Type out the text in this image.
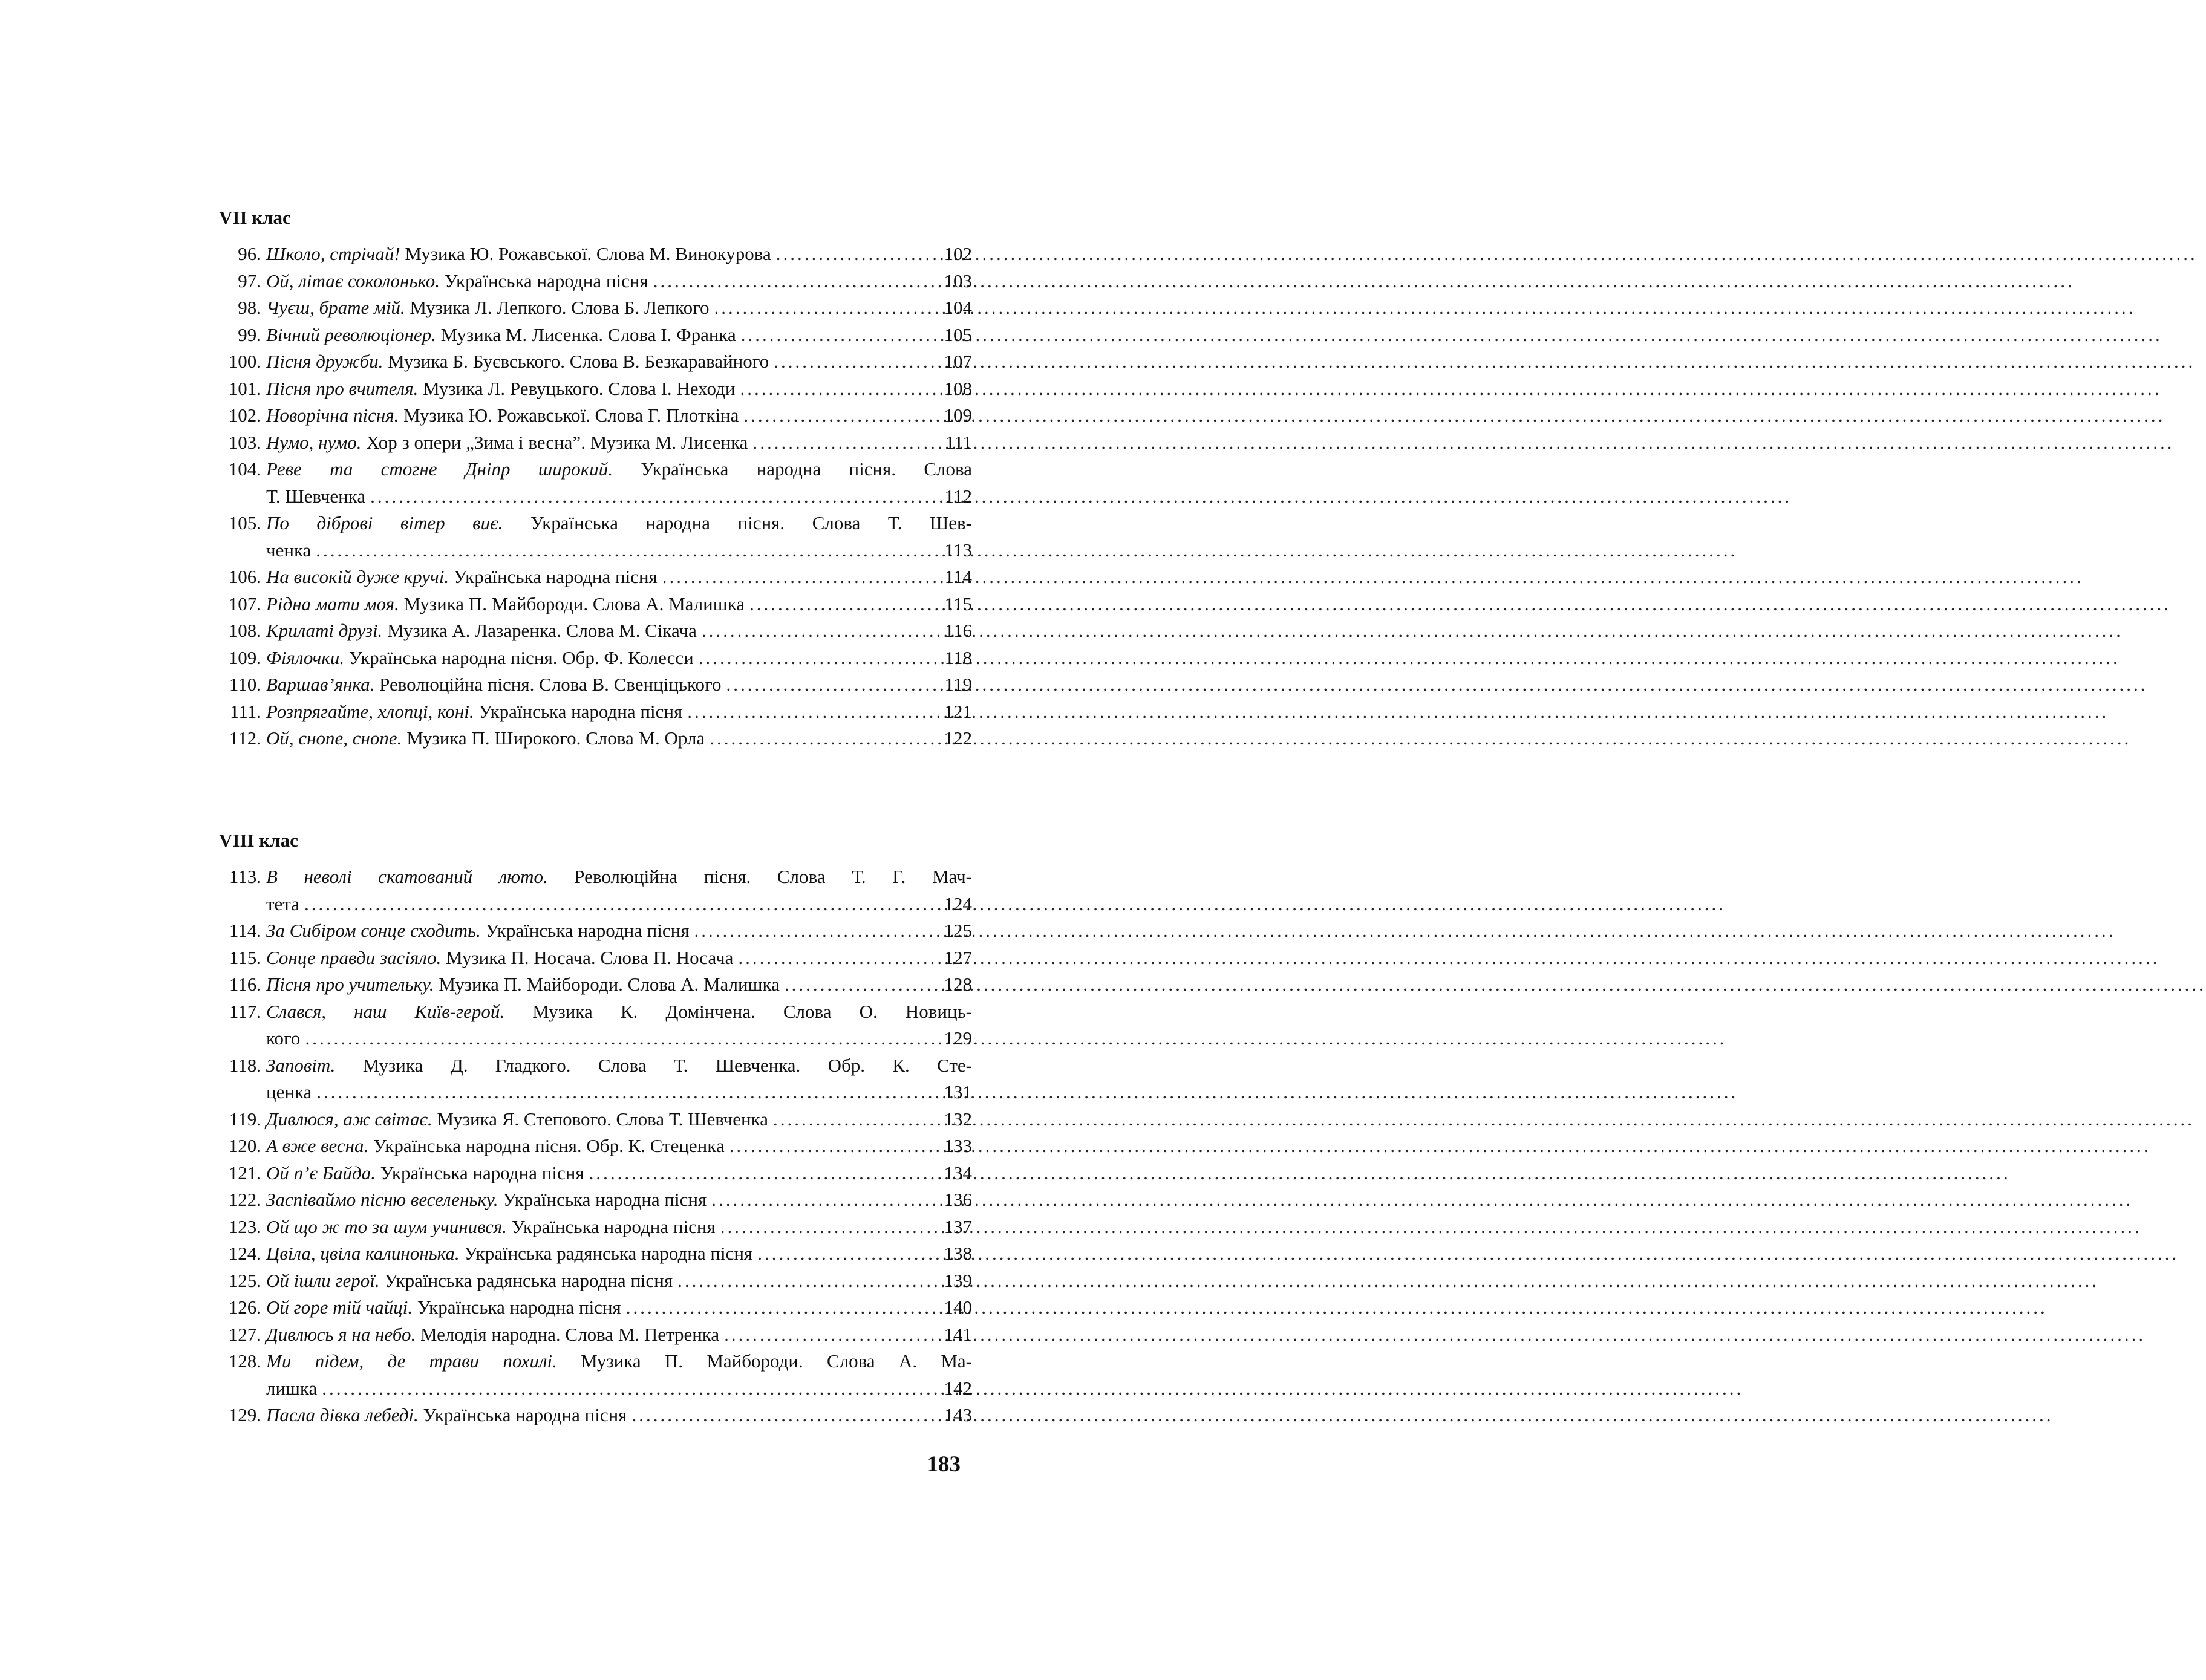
VII клас
96. Школо, стрічай! Музика Ю. Рожавської. Слова М. Винокурова .....	102
97. Ой, літає соколонько. Українська народна пісня .....	103
98. Чуєш, брате мій. Музика Л. Лепкого. Слова Б. Лепкого .....	104
99. Вічний революціонер. Музика М. Лисенка. Слова І. Франка .....	105
100. Пісня дружби. Музика Б. Буєвського. Слова В. Безкаравайного .....	107
101. Пісня про вчителя. Музика Л. Ревуцького. Слова І. Неходи .....	108
102. Новорічна пісня. Музика Ю. Рожавської. Слова Г. Плоткіна .....	109
103. Нумо, нумо. Хор з опери „Зима і весна”. Музика М. Лисенка .....	111
104. Реве та стогне Дніпр широкий. Українська народна пісня. Слова
Т. Шевченка .....	112
105. По діброві вітер виє. Українська народна пісня. Слова Т. Шев-
ченка .....	113
106. На високій дуже кручі. Українська народна пісня .....	114
107. Рідна мати моя. Музика П. Майбороди. Слова А. Малишка .....	115
108. Крилаті друзі. Музика А. Лазаренка. Слова М. Сікача .....	116
109. Фіялочки. Українська народна пісня. Обр. Ф. Колесси .....	118
110. Варшав’янка. Революційна пісня. Слова В. Свенціцького .....	119
111. Розпрягайте, хлопці, коні. Українська народна пісня .....	121
112. Ой, снопе, снопе. Музика П. Широкого. Слова М. Орла .....	122
VIII клас
113. В неволі скатований люто. Революційна пісня. Слова Т. Г. Мач-
тета .....	124
114. За Сибіром сонце сходить. Українська народна пісня .....	125
115. Сонце правди засіяло. Музика П. Носача. Слова П. Носача .....	127
116. Пісня про учительку. Музика П. Майбороди. Слова А. Малишка .....	128
117. Слався, наш Київ-герой. Музика К. Домінчена. Слова О. Новиць-
кого .....	129
118. Заповіт. Музика Д. Гладкого. Слова Т. Шевченка. Обр. К. Сте-
ценка .....	131
119. Дивлюся, аж світає. Музика Я. Степового. Слова Т. Шевченка .....	132
120. А вже весна. Українська народна пісня. Обр. К. Стеценка .....	133
121. Ой п’є Байда. Українська народна пісня .....	134
122. Заспіваймо пісню веселеньку. Українська народна пісня .....	136
123. Ой що ж то за шум учинився. Українська народна пісня .....	137
124. Цвіла, цвіла калинонька. Українська радянська народна пісня .....	138
125. Ой ішли герої. Українська радянська народна пісня .....	139
126. Ой горе тій чайці. Українська народна пісня .....	140
127. Дивлюсь я на небо. Мелодія народна. Слова М. Петренка .....	141
128. Ми підем, де трави похилі. Музика П. Майбороди. Слова А. Ма-
лишка .....	142
129. Пасла дівка лебеді. Українська народна пісня .....	143
183
